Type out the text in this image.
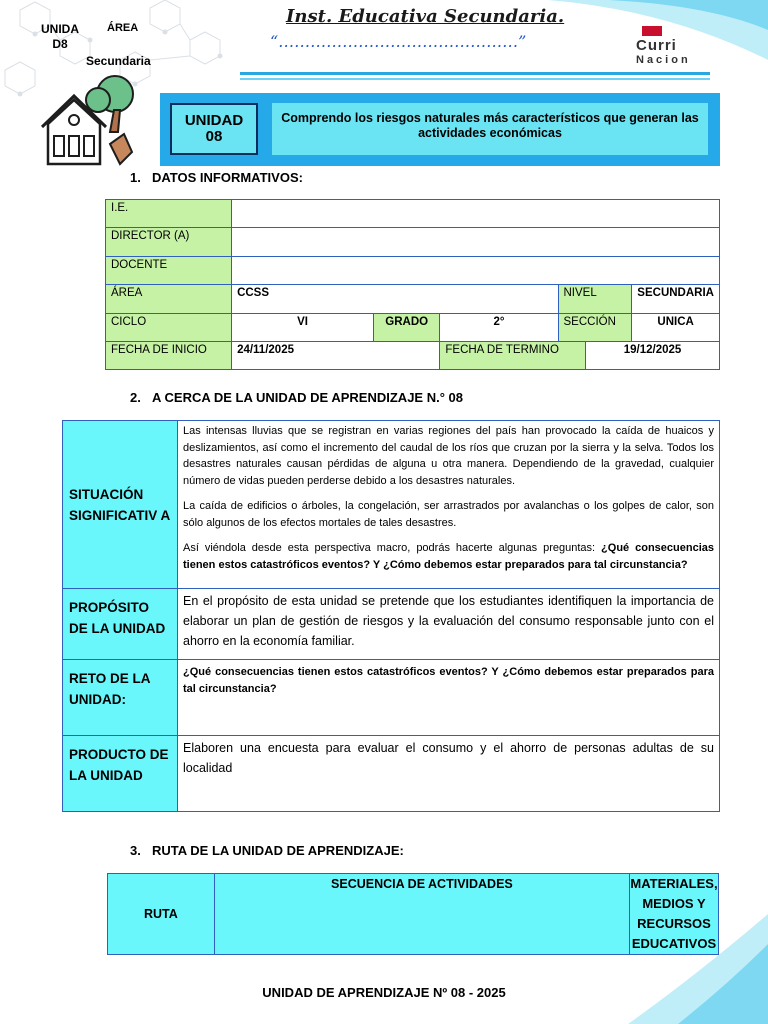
UNIDA D8
ÁREA
Secundaria
Inst. Educativa Secundaria.
“………………………………………”	Curri
Nacion
UNIDAD
08
Comprendo los riesgos naturales más característicos que generan las actividades económicas
1. DATOS INFORMATIVOS:
I.E.						
DIRECTOR (A)						
DOCENTE						
ÁREA	CCSS			NIVEL		SECUNDARIA
CICLO	VI	GRADO	2°	SECCIÓN		UNICA
FECHA DE INICIO	24/11/2025		FECHA DE TERMINO		19/12/2025	
2. A CERCA DE LA UNIDAD DE APRENDIZAJE N.° 08
SITUACIÓN SIGNIFICATIV A	Las intensas lluvias que se registran en varias regiones del país han provocado la caída de huaicos y deslizamientos, así como el incremento del caudal de los ríos que cruzan por la sierra y la selva. Todos los desastres naturales causan pérdidas de alguna u otra manera. Dependiendo de la gravedad, cualquier número de vidas pueden perderse debido a los desastres naturales.

La caída de edificios o árboles, la congelación, ser arrastrados por avalanchas o los golpes de calor, son sólo algunos de los efectos mortales de tales desastres.

Así viéndola desde esta perspectiva macro, podrás hacerte algunas preguntas: ¿Qué consecuencias tienen estos catastróficos eventos? Y ¿Cómo debemos estar preparados para tal circunstancia?

PROPÓSITO DE LA UNIDAD	En el propósito de esta unidad se pretende que los estudiantes identifiquen la importancia de elaborar un plan de gestión de riesgos y la evaluación del consumo responsable junto con el ahorro en la economía familiar.
RETO DE LA UNIDAD:	¿Qué consecuencias tienen estos catastróficos eventos? Y ¿Cómo debemos estar preparados para tal circunstancia?
PRODUCTO DE LA UNIDAD	Elaboren una encuesta para evaluar el consumo y el ahorro de personas adultas de su localidad
3. RUTA DE LA UNIDAD DE APRENDIZAJE:
RUTA	SECUENCIA DE ACTIVIDADES	MATERIALES, MEDIOS Y RECURSOS EDUCATIVOS
UNIDAD DE APRENDIZAJE Nº 08 - 2025
